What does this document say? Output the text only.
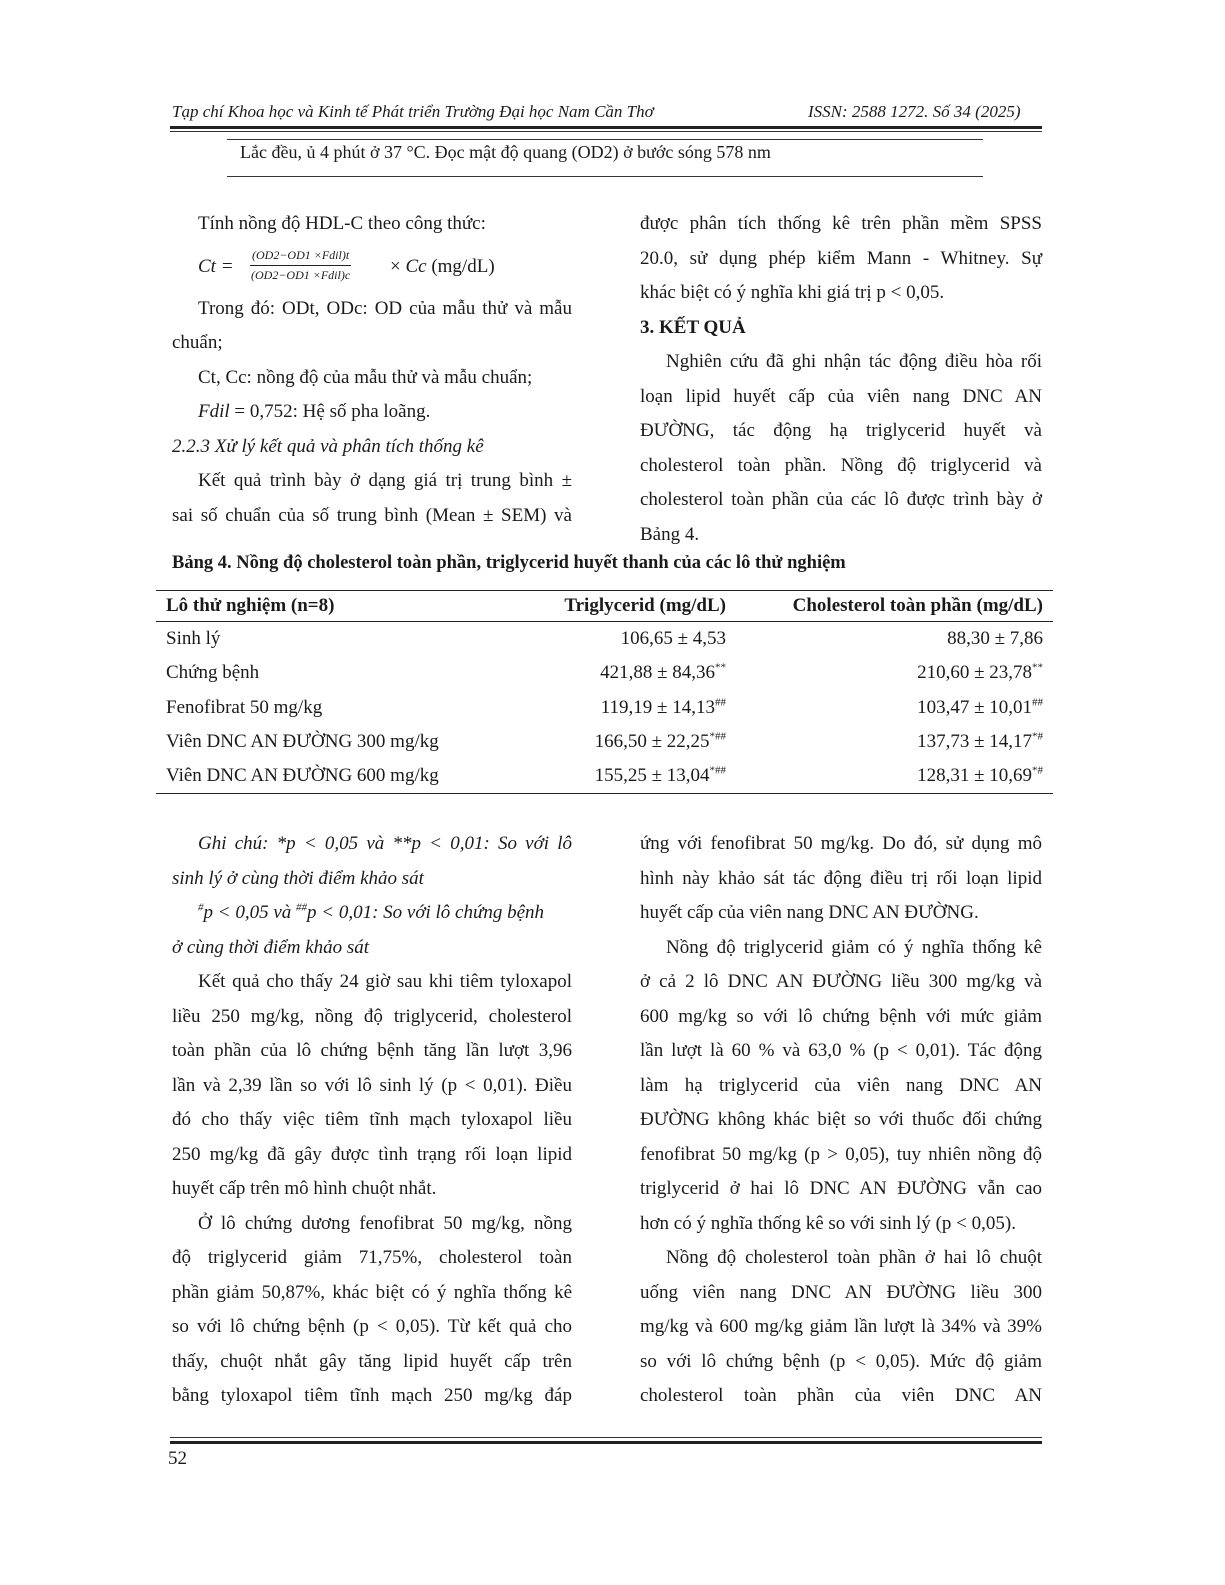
Tạp chí Khoa học và Kinh tế Phát triển Trường Đại học Nam Cần Thơ	ISSN: 2588 1272. Số 34 (2025)
Lắc đều, ủ 4 phút ở 37 °C. Đọc mật độ quang (OD2) ở bước sóng 578 nm

Tính nồng độ HDL-C theo công thức:

Ct =
(OD2−OD1 ×Fdil)t
(OD2−OD1 ×Fdil)c × Cc (mg/dL)

Trong đó: ODt, ODc: OD của mẫu thử và mẫu

chuẩn;

Ct, Cc: nồng độ của mẫu thử và mẫu chuẩn;

Fdil = 0,752: Hệ số pha loãng.

2.2.3 Xử lý kết quả và phân tích thống kê

Kết quả trình bày ở dạng giá trị trung bình ±

sai số chuẩn của số trung bình (Mean ± SEM) và

được phân tích thống kê trên phần mềm SPSS

20.0, sử dụng phép kiểm Mann - Whitney. Sự

khác biệt có ý nghĩa khi giá trị p < 0,05.

3. KẾT QUẢ

Nghiên cứu đã ghi nhận tác động điều hòa rối

loạn lipid huyết cấp của viên nang DNC AN

ĐƯỜNG, tác động hạ triglycerid huyết và

cholesterol toàn phần. Nồng độ triglycerid và

cholesterol toàn phần của các lô được trình bày ở

Bảng 4.

Bảng 4. Nồng độ cholesterol toàn phần, triglycerid huyết thanh của các lô thử nghiệm
Lô thử nghiệm (n=8)	Triglycerid (mg/dL)	Cholesterol toàn phần (mg/dL)
Sinh lý	106,65 ± 4,53	88,30 ± 7,86
Chứng bệnh	421,88 ± 84,36**	210,60 ± 23,78**
Fenofibrat 50 mg/kg	119,19 ± 14,13##	103,47 ± 10,01##
Viên DNC AN ĐƯỜNG 300 mg/kg	166,50 ± 22,25*##	137,73 ± 14,17*#
Viên DNC AN ĐƯỜNG 600 mg/kg	155,25 ± 13,04*##	128,31 ± 10,69*#

Ghi chú: *p < 0,05 và **p < 0,01: So với lô

sinh lý ở cùng thời điểm khảo sát

#p < 0,05 và ##p < 0,01: So với lô chứng bệnh

ở cùng thời điểm khảo sát

Kết quả cho thấy 24 giờ sau khi tiêm tyloxapol

liều 250 mg/kg, nồng độ triglycerid, cholesterol

toàn phần của lô chứng bệnh tăng lần lượt 3,96

lần và 2,39 lần so với lô sinh lý (p < 0,01). Điều

đó cho thấy việc tiêm tĩnh mạch tyloxapol liều

250 mg/kg đã gây được tình trạng rối loạn lipid

huyết cấp trên mô hình chuột nhắt.

Ở lô chứng dương fenofibrat 50 mg/kg, nồng

độ triglycerid giảm 71,75%, cholesterol toàn

phần giảm 50,87%, khác biệt có ý nghĩa thống kê

so với lô chứng bệnh (p < 0,05). Từ kết quả cho

thấy, chuột nhắt gây tăng lipid huyết cấp trên

bằng tyloxapol tiêm tĩnh mạch 250 mg/kg đáp

ứng với fenofibrat 50 mg/kg. Do đó, sử dụng mô

hình này khảo sát tác động điều trị rối loạn lipid

huyết cấp của viên nang DNC AN ĐƯỜNG.

Nồng độ triglycerid giảm có ý nghĩa thống kê

ở cả 2 lô DNC AN ĐƯỜNG liều 300 mg/kg và

600 mg/kg so với lô chứng bệnh với mức giảm

lần lượt là 60 % và 63,0 % (p < 0,01). Tác động

làm hạ triglycerid của viên nang DNC AN

ĐƯỜNG không khác biệt so với thuốc đối chứng

fenofibrat 50 mg/kg (p > 0,05), tuy nhiên nồng độ

triglycerid ở hai lô DNC AN ĐƯỜNG vẫn cao

hơn có ý nghĩa thống kê so với sinh lý (p < 0,05).

Nồng độ cholesterol toàn phần ở hai lô chuột

uống viên nang DNC AN ĐƯỜNG liều 300

mg/kg và 600 mg/kg giảm lần lượt là 34% và 39%

so với lô chứng bệnh (p < 0,05). Mức độ giảm

cholesterol toàn phần của viên DNC AN

52
